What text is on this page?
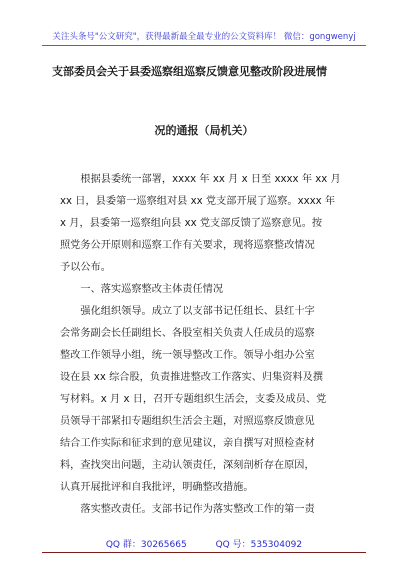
关注头条号"公文研究"，获得最新最全最专业的公文资料库！ 微信：gongwenyj
支部委员会关于县委巡察组巡察反馈意见整改阶段进展情
况的通报（局机关）
根据县委统一部署，xxxx 年 xx 月 x 日至 xxxx 年 xx 月
xx 日，县委第一巡察组对县 xx 党支部开展了巡察。xxxx 年
x 月，县委第一巡察组向县 xx 党支部反馈了巡察意见。按
照党务公开原则和巡察工作有关要求，现将巡察整改情况
予以公布。
一、落实巡察整改主体责任情况
强化组织领导。成立了以支部书记任组长、县红十字
会常务副会长任副组长、各股室相关负责人任成员的巡察
整改工作领导小组，统一领导整改工作。领导小组办公室
设在县 xx 综合股，负责推进整改工作落实、归集资料及撰
写材料。x 月 x 日，召开专题组织生活会，支委及成员、党
员领导干部紧扣专题组织生活会主题，对照巡察反馈意见
结合工作实际和征求到的意见建议，亲自撰写对照检查材
料，查找突出问题，主动认领责任，深刻剖析存在原因，
认真开展批评和自我批评，明确整改措施。
落实整改责任。支部书记作为落实整改工作的第一责
QQ 群：30265665	QQ 号：535304092
